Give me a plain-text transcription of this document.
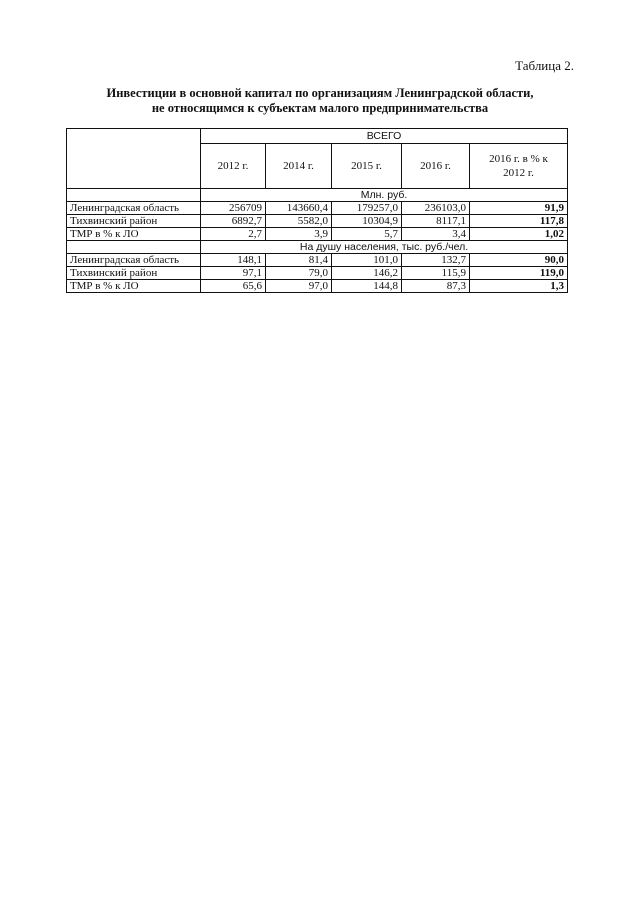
Таблица 2.
Инвестиции в основной капитал по организациям Ленинградской области,
не относящимся к субъектам малого предпринимательства
	ВСЕГО				
	2012 г.	2014 г.	2015 г.	2016 г.	2016 г. в % к
2012 г.

	Млн. руб.				
Ленинградская область	256709	143660,4	179257,0	236103,0	91,9
Тихвинский район	6892,7	5582,0	10304,9	8117,1	117,8
ТМР в % к ЛО	2,7	3,9	5,7	3,4	1,02
	На душу населения, тыс. руб./чел.				
Ленинградская область	148,1	81,4	101,0	132,7	90,0
Тихвинский район	97,1	79,0	146,2	115,9	119,0
ТМР в % к ЛО	65,6	97,0	144,8	87,3	1,3
